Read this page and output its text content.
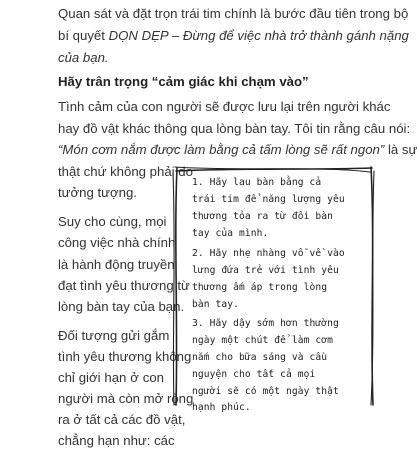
Quan sát và đặt trọn trái tim chính là bước đầu tiên trong bộ

bí quyết DỌN DẸP – Đừng để việc nhà trở thành gánh nặng

của bạn.

Hãy trân trọng “cảm giác khi chạm vào”

Tình cảm của con người sẽ được lưu lại trên người khác

hay đồ vật khác thông qua lòng bàn tay. Tôi tin rằng câu nói:

“Món cơm nắm được làm bằng cả tấm lòng sẽ rất ngon” là sự

thật chứ không phải do

tưởng tượng.

Suy cho cùng, mọi

công việc nhà chính

là hành động truyền

đạt tình yêu thương từ

lòng bàn tay của bạn.

Đối tượng gửi gắm

tình yêu thương không

chỉ giới hạn ở con

người mà còn mở rộng

ra ở tất cả các đồ vật,

chẳng hạn như: các

1. Hãy lau bàn bằng cả

trái tim để năng lượng yêu

thương tỏa ra từ đôi bàn

tay của mình.

2. Hãy nhẹ nhàng vỗ về vào

lưng đứa trẻ với tình yêu

thương ấm áp trong lòng

bàn tay.

3. Hãy dậy sớm hơn thường

ngày một chút để làm cơm

nắm cho bữa sáng và cầu

nguyện cho tất cả mọi

người sẽ có một ngày thật

hạnh phúc.
